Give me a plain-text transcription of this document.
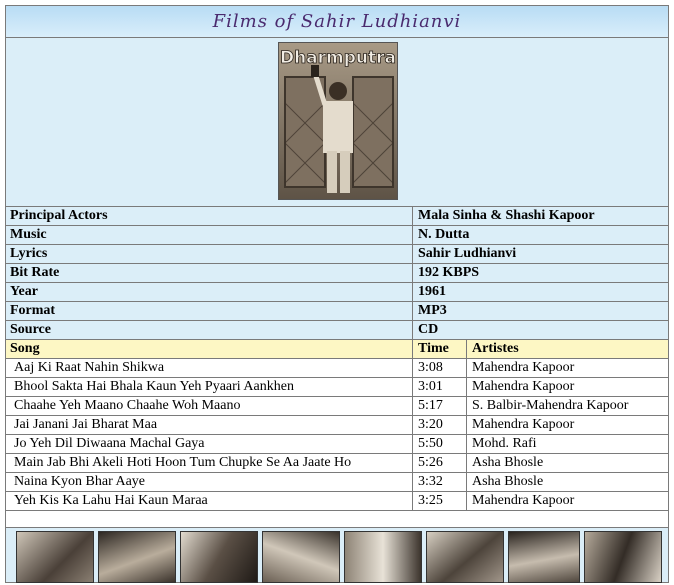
Films of Sahir Ludhianvi
Dharmputra
Principal Actors	Mala Sinha & Shashi Kapoor
Music	N. Dutta
Lyrics	Sahir Ludhianvi
Bit Rate	192 KBPS
Year	1961
Format	MP3
Source	CD
Song	Time Artistes
Aaj Ki Raat Nahin Shikwa	3:08 Mahendra Kapoor
Bhool Sakta Hai Bhala Kaun Yeh Pyaari Aankhen	3:01 Mahendra Kapoor
Chaahe Yeh Maano Chaahe Woh Maano	5:17 S. Balbir-Mahendra Kapoor
Jai Janani Jai Bharat Maa	3:20 Mahendra Kapoor
Jo Yeh Dil Diwaana Machal Gaya	5:50 Mohd. Rafi
Main Jab Bhi Akeli Hoti Hoon Tum Chupke Se Aa Jaate Ho	5:26 Asha Bhosle
Naina Kyon Bhar Aaye	3:32 Asha Bhosle
Yeh Kis Ka Lahu Hai Kaun Maraa	3:25 Mahendra Kapoor
